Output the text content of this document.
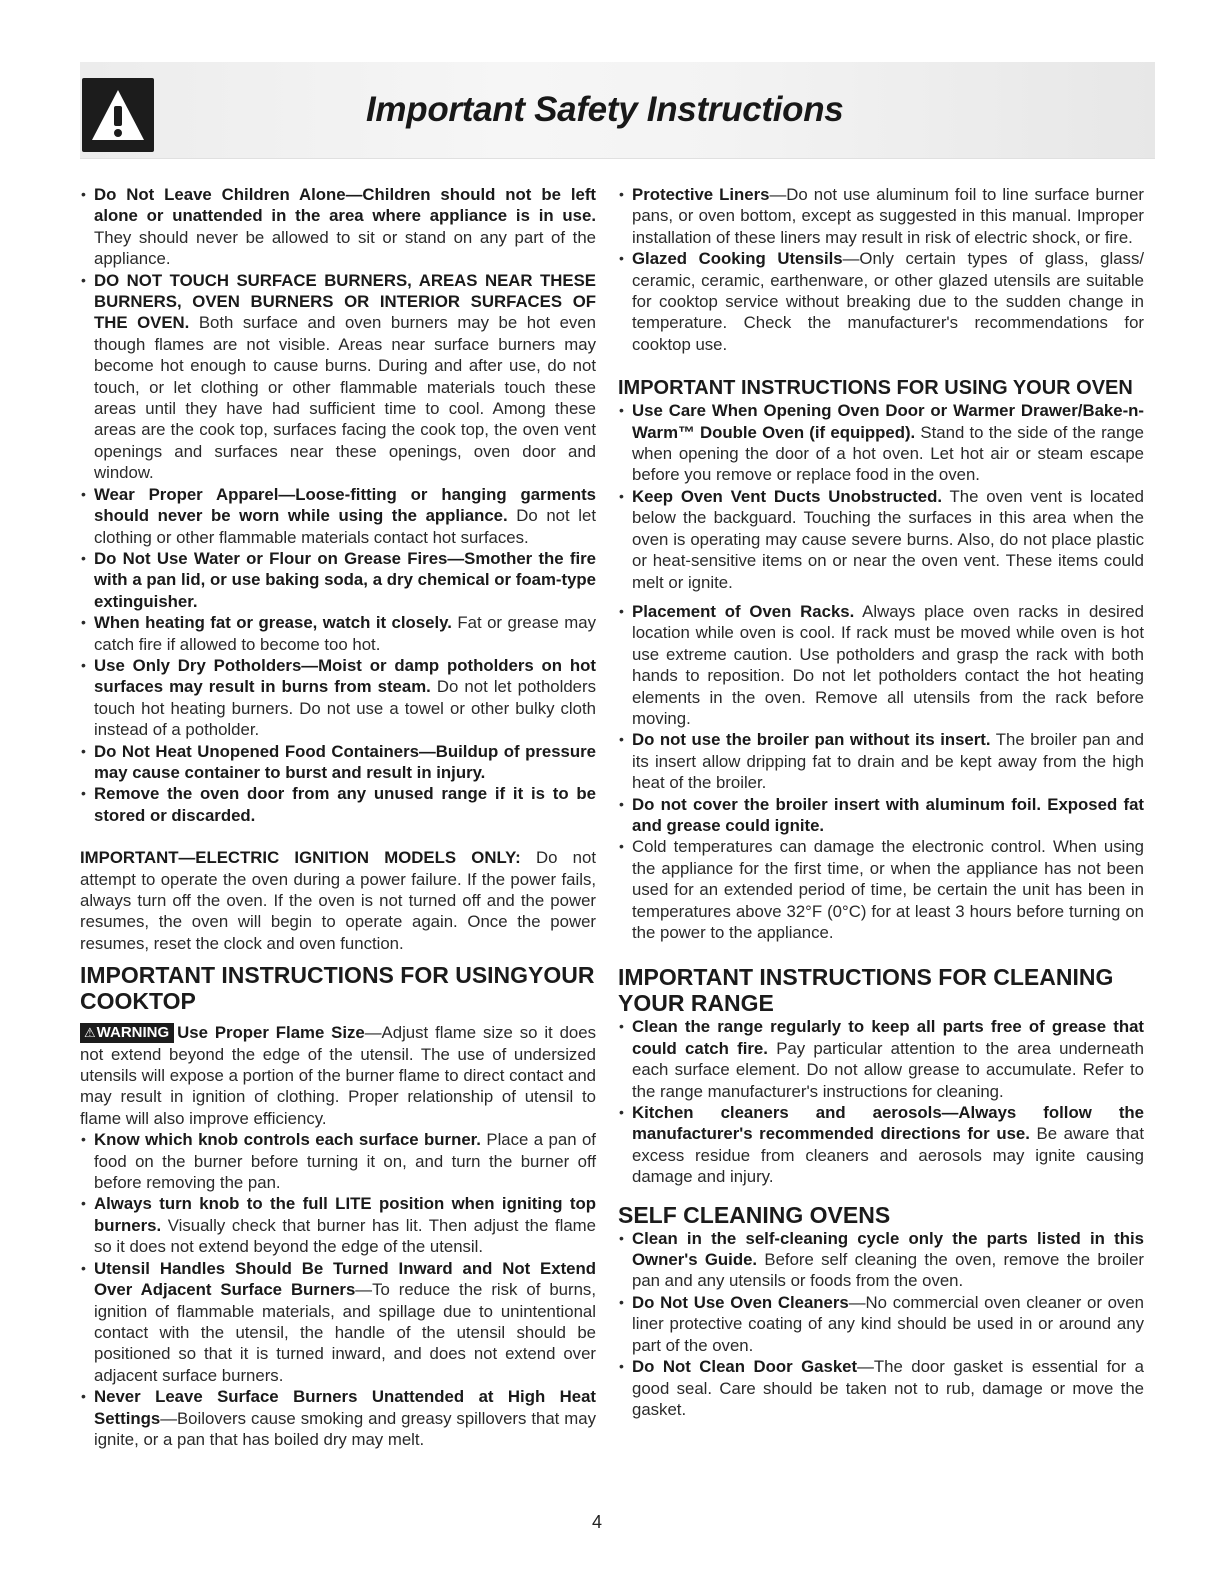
Important Safety Instructions
• Do Not Leave Children Alone—Children should not be left alone or unattended in the area where appliance is in use. They should never be allowed to sit or stand on any part of the appliance.
• DO NOT TOUCH SURFACE BURNERS, AREAS NEAR THESE BURNERS, OVEN BURNERS OR INTERIOR SURFACES OF THE OVEN. Both surface and oven burners may be hot even though flames are not visible. Areas near surface burners may become hot enough to cause burns. During and after use, do not touch, or let clothing or other flammable materials touch these areas until they have had sufficient time to cool. Among these areas are the cook top, surfaces facing the cook top, the oven vent openings and surfaces near these openings, oven door and window.
• Wear Proper Apparel—Loose-fitting or hanging garments should never be worn while using the appliance. Do not let clothing or other flammable materials contact hot surfaces.
• Do Not Use Water or Flour on Grease Fires—Smother the fire with a pan lid, or use baking soda, a dry chemical or foam-type extinguisher.
• When heating fat or grease, watch it closely. Fat or grease may catch fire if allowed to become too hot.
• Use Only Dry Potholders—Moist or damp potholders on hot surfaces may result in burns from steam. Do not let potholders touch hot heating burners. Do not use a towel or other bulky cloth instead of a potholder.
• Do Not Heat Unopened Food Containers—Buildup of pressure may cause container to burst and result in injury.
• Remove the oven door from any unused range if it is to be stored or discarded.

IMPORTANT—ELECTRIC IGNITION MODELS ONLY: Do not attempt to operate the oven during a power failure. If the power fails, always turn off the oven. If the oven is not turned off and the power resumes, the oven will begin to operate again. Once the power resumes, reset the clock and oven function.

IMPORTANT INSTRUCTIONS FOR USINGYOUR COOKTOP

⚠WARNING Use Proper Flame Size—Adjust flame size so it does not extend beyond the edge of the utensil. The use of undersized utensils will expose a portion of the burner flame to direct contact and may result in ignition of clothing. Proper relationship of utensil to flame will also improve efficiency.

• Know which knob controls each surface burner. Place a pan of food on the burner before turning it on, and turn the burner off before removing the pan.
• Always turn knob to the full LITE position when igniting top burners. Visually check that burner has lit. Then adjust the flame so it does not extend beyond the edge of the utensil.
• Utensil Handles Should Be Turned Inward and Not Extend Over Adjacent Surface Burners—To reduce the risk of burns, ignition of flammable materials, and spillage due to unintentional contact with the utensil, the handle of the utensil should be positioned so that it is turned inward, and does not extend over adjacent surface burners.
• Never Leave Surface Burners Unattended at High Heat Settings—Boilovers cause smoking and greasy spillovers that may ignite, or a pan that has boiled dry may melt.
• Protective Liners—Do not use aluminum foil to line surface burner pans, or oven bottom, except as suggested in this manual. Improper installation of these liners may result in risk of electric shock, or fire.
• Glazed Cooking Utensils—Only certain types of glass, glass/ ceramic, ceramic, earthenware, or other glazed utensils are suitable for cooktop service without breaking due to the sudden change in temperature. Check the manufacturer's recommendations for cooktop use.
IMPORTANT INSTRUCTIONS FOR USING YOUR OVEN
• Use Care When Opening Oven Door or Warmer Drawer/Bake-n-Warm™ Double Oven (if equipped). Stand to the side of the range when opening the door of a hot oven. Let hot air or steam escape before you remove or replace food in the oven.
• Keep Oven Vent Ducts Unobstructed. The oven vent is located below the backguard. Touching the surfaces in this area when the oven is operating may cause severe burns. Also, do not place plastic or heat-sensitive items on or near the oven vent. These items could melt or ignite.
• Placement of Oven Racks. Always place oven racks in desired location while oven is cool. If rack must be moved while oven is hot use extreme caution. Use potholders and grasp the rack with both hands to reposition. Do not let potholders contact the hot heating elements in the oven. Remove all utensils from the rack before moving.
• Do not use the broiler pan without its insert. The broiler pan and its insert allow dripping fat to drain and be kept away from the high heat of the broiler.
• Do not cover the broiler insert with aluminum foil. Exposed fat and grease could ignite.
• Cold temperatures can damage the electronic control. When using the appliance for the first time, or when the appliance has not been used for an extended period of time, be certain the unit has been in temperatures above 32°F (0°C) for at least 3 hours before turning on the power to the appliance.
IMPORTANT INSTRUCTIONS FOR CLEANING YOUR RANGE
• Clean the range regularly to keep all parts free of grease that could catch fire. Pay particular attention to the area underneath each surface element. Do not allow grease to accumulate. Refer to the range manufacturer's instructions for cleaning.
• Kitchen cleaners and aerosols—Always follow the manufacturer's recommended directions for use. Be aware that excess residue from cleaners and aerosols may ignite causing damage and injury.
SELF CLEANING OVENS
• Clean in the self-cleaning cycle only the parts listed in this Owner's Guide. Before self cleaning the oven, remove the broiler pan and any utensils or foods from the oven.
• Do Not Use Oven Cleaners—No commercial oven cleaner or oven liner protective coating of any kind should be used in or around any part of the oven.
• Do Not Clean Door Gasket—The door gasket is essential for a good seal. Care should be taken not to rub, damage or move the gasket.
4
